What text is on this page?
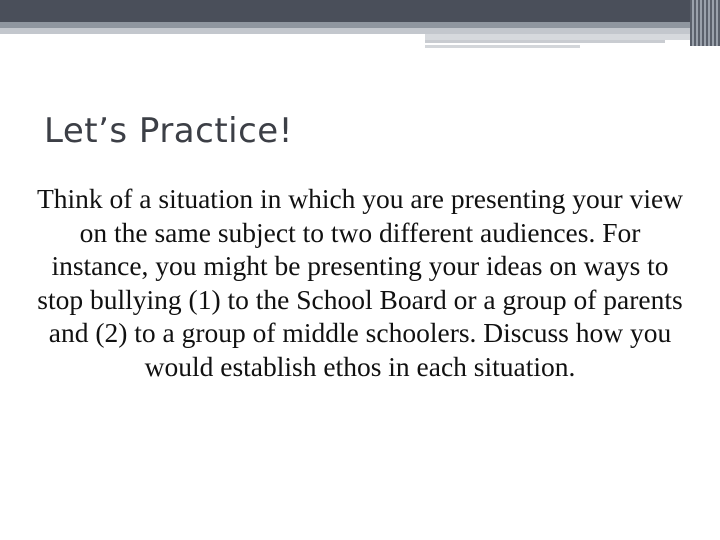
Let’s Practice!

Think of a situation in which you are presenting your view on the same subject to two different audiences. For instance, you might be presenting your ideas on ways to stop bullying (1) to the School Board or a group of parents and (2) to a group of middle schoolers. Discuss how you would establish ethos in each situation.
